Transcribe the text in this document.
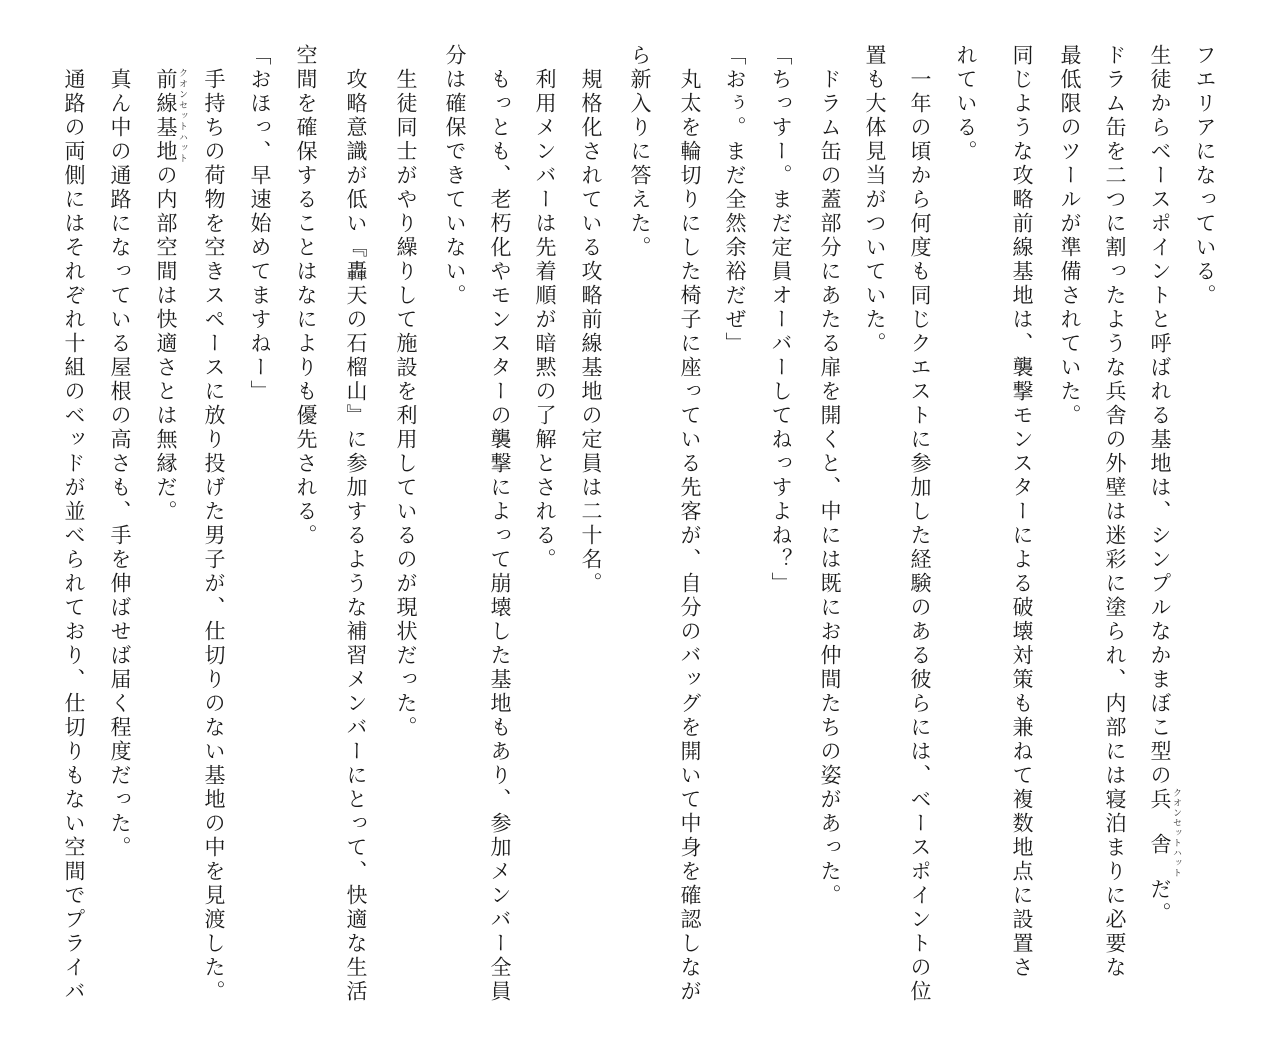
フエリアになっている。
生徒からベースポイントと呼ばれる基地は、シンプルなかまぼこ型の兵舎 クオンセットハットだ。
ドラム缶を二つに割ったような兵舎の外壁は迷彩に塗られ、内部には寝泊まりに必要な
最低限のツールが準備されていた。
同じような攻略前線基地は、襲撃モンスターによる破壊対策も兼ねて複数地点に設置さ
れている。
　一年の頃から何度も同じクエストに参加した経験のある彼らには、ベースポイントの位
置も大体見当がついていた。
　ドラム缶の蓋部分にあたる扉を開くと、中には既にお仲間たちの姿があった。
「ちっすー。まだ定員オーバーしてねっすよね？」
「おぅ。まだ全然余裕だぜ」
　丸太を輪切りにした椅子に座っている先客が、自分のバッグを開いて中身を確認しなが
ら新入りに答えた。
　規格化されている攻略前線基地の定員は二十名。
　利用メンバーは先着順が暗黙の了解とされる。
　もっとも、老朽化やモンスターの襲撃によって崩壊した基地もあり、参加メンバー全員
分は確保できていない。
　生徒同士がやり繰りして施設を利用しているのが現状だった。
　攻略意識が低い『轟天の石榴山』に参加するような補習メンバーにとって、快適な生活
空間を確保することはなによりも優先される。
「おほっ、早速始めてますねー」
　手持ちの荷物を空きスペースに放り投げた男子が、仕切りのない基地の中を見渡した。
　前線基地 クオンセットハットの内部空間は快適さとは無縁だ。
　真ん中の通路になっている屋根の高さも、手を伸ばせば届く程度だった。
　通路の両側にはそれぞれ十組のベッドが並べられており、仕切りもない空間でプライバ
